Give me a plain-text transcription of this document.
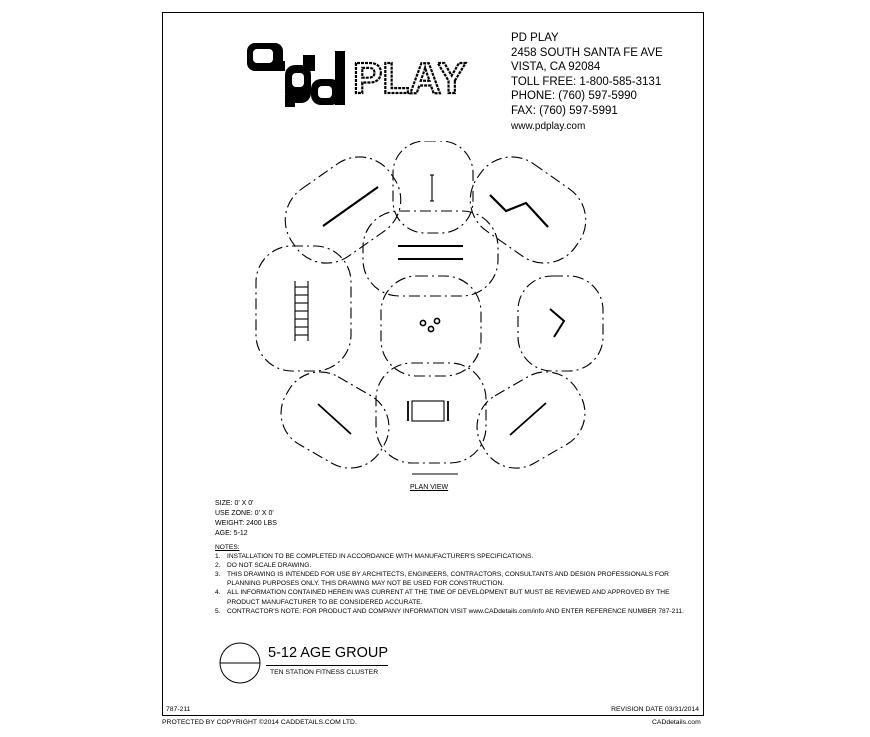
PLAY
PD PLAY
2458 SOUTH SANTA FE AVE
VISTA, CA 92084
TOLL FREE: 1-800-585-3131
PHONE: (760) 597-5990
FAX: (760) 597-5991
www.pdplay.com
PLAN VIEW
SIZE: 0' X 0'
USE ZONE: 0' X 0'
WEIGHT: 2400 LBS
AGE: 5-12
NOTES:
1. INSTALLATION TO BE COMPLETED IN ACCORDANCE WITH MANUFACTURER'S SPECIFICATIONS.
2. DO NOT SCALE DRAWING.
3. THIS DRAWING IS INTENDED FOR USE BY ARCHITECTS, ENGINEERS, CONTRACTORS, CONSULTANTS AND DESIGN PROFESSIONALS FOR PLANNING PURPOSES ONLY. THIS DRAWING MAY NOT BE USED FOR CONSTRUCTION.
4. ALL INFORMATION CONTAINED HEREIN WAS CURRENT AT THE TIME OF DEVELOPMENT BUT MUST BE REVIEWED AND APPROVED BY THE PRODUCT MANUFACTURER TO BE CONSIDERED ACCURATE.
5. CONTRACTOR'S NOTE: FOR PRODUCT AND COMPANY INFORMATION VISIT www.CADdetails.com/info AND ENTER REFERENCE NUMBER 787-211.
5-12 AGE GROUP
TEN STATION FITNESS CLUSTER
787-211	REVISION DATE 03/31/2014
PROTECTED BY COPYRIGHT ©2014 CADDETAILS.COM LTD.	CADdetails.com
